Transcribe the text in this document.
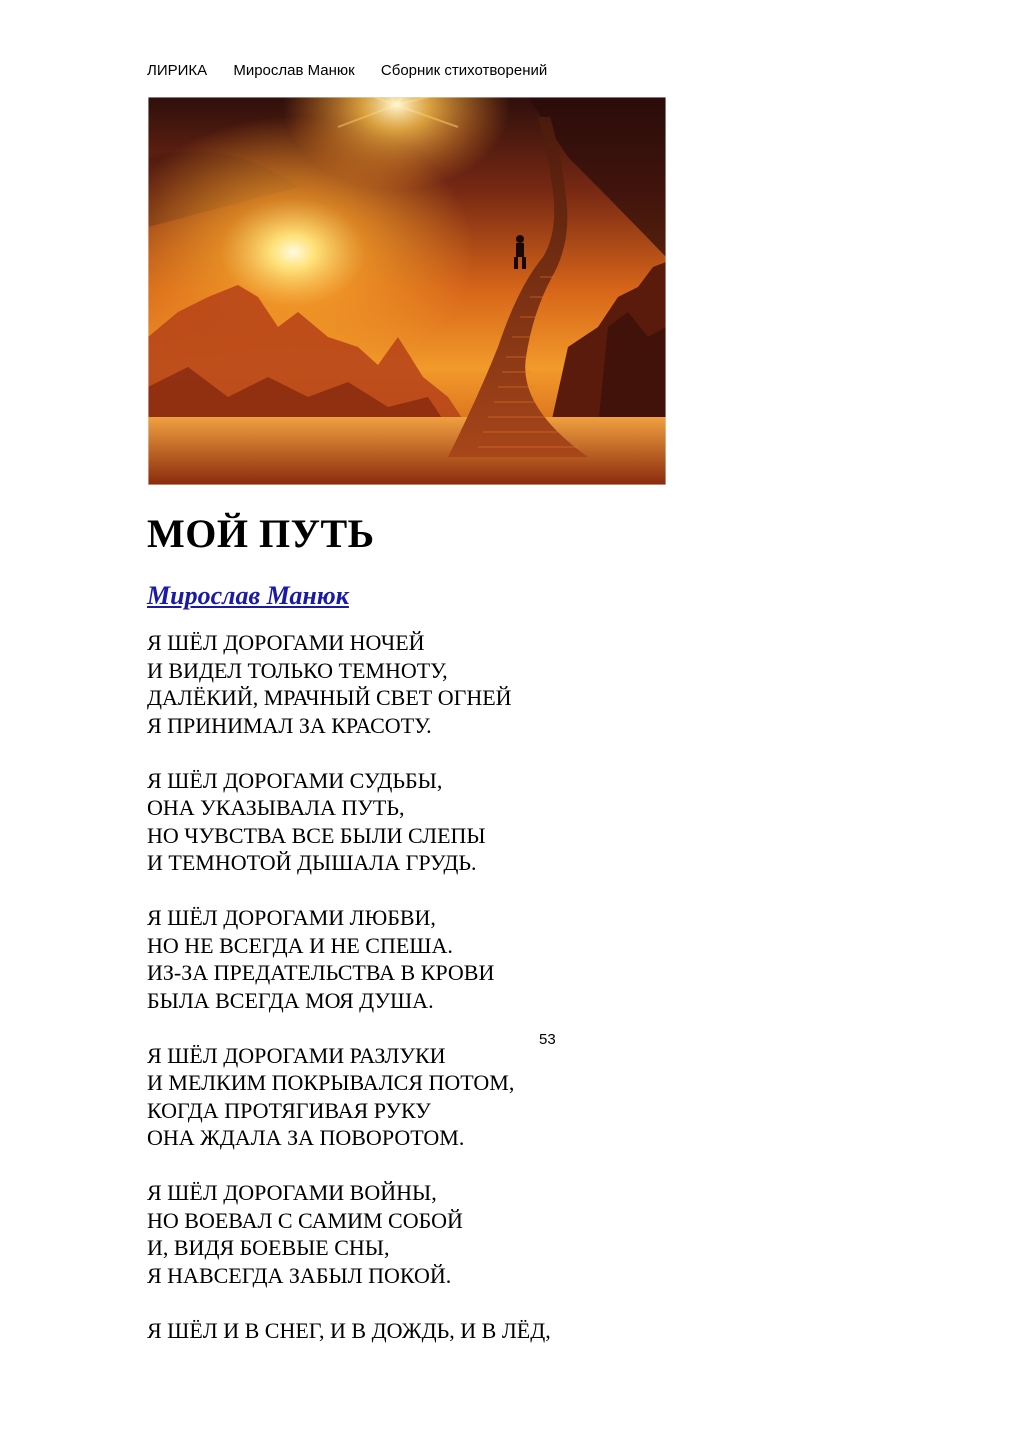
ЛИРИКА Мирослав Манюк Сборник стихотворений
МОЙ ПУТЬ
Мирослав Манюк
Я ШЁЛ ДОРОГАМИ НОЧЕЙ
И ВИДЕЛ ТОЛЬКО ТЕМНОТУ,
ДАЛЁКИЙ, МРАЧНЫЙ СВЕТ ОГНЕЙ
Я ПРИНИМАЛ ЗА КРАСОТУ.
Я ШЁЛ ДОРОГАМИ СУДЬБЫ,
ОНА УКАЗЫВАЛА ПУТЬ,
НО ЧУВСТВА ВСЕ БЫЛИ СЛЕПЫ
И ТЕМНОТОЙ ДЫШАЛА ГРУДЬ.
Я ШЁЛ ДОРОГАМИ ЛЮБВИ,
НО НЕ ВСЕГДА И НЕ СПЕША.
ИЗ-ЗА ПРЕДАТЕЛЬСТВА В КРОВИ
БЫЛА ВСЕГДА МОЯ ДУША.
Я ШЁЛ ДОРОГАМИ РАЗЛУКИ
И МЕЛКИМ ПОКРЫВАЛСЯ ПОТОМ,
КОГДА ПРОТЯГИВАЯ РУКУ
ОНА ЖДАЛА ЗА ПОВОРОТОМ.
Я ШЁЛ ДОРОГАМИ ВОЙНЫ,
НО ВОЕВАЛ С САМИМ СОБОЙ
И, ВИДЯ БОЕВЫЕ СНЫ,
Я НАВСЕГДА ЗАБЫЛ ПОКОЙ.
Я ШЁЛ И В СНЕГ, И В ДОЖДЬ, И В ЛЁД,
53
